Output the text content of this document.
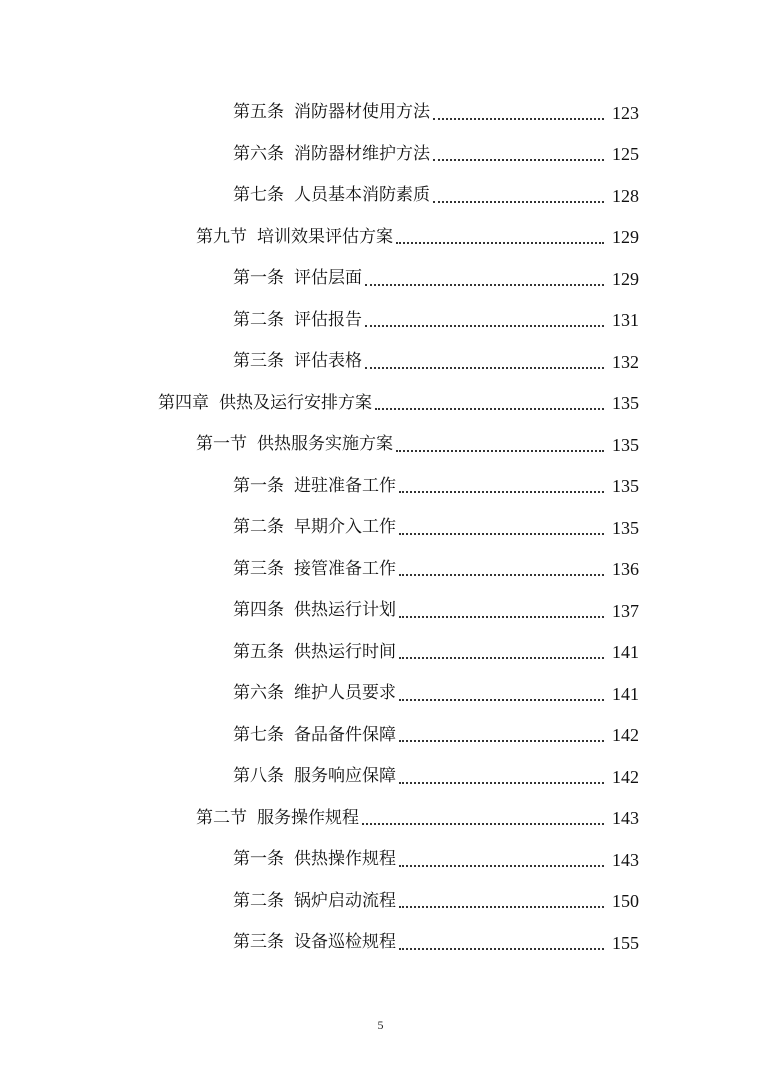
第五条 消防器材使用方法	123
第六条 消防器材维护方法	125
第七条 人员基本消防素质	128
第九节 培训效果评估方案	129
第一条 评估层面	129
第二条 评估报告	131
第三条 评估表格	132
第四章 供热及运行安排方案	135
第一节 供热服务实施方案	135
第一条 进驻准备工作	135
第二条 早期介入工作	135
第三条 接管准备工作	136
第四条 供热运行计划	137
第五条 供热运行时间	141
第六条 维护人员要求	141
第七条 备品备件保障	142
第八条 服务响应保障	142
第二节 服务操作规程	143
第一条 供热操作规程	143
第二条 锅炉启动流程	150
第三条 设备巡检规程	155
5
